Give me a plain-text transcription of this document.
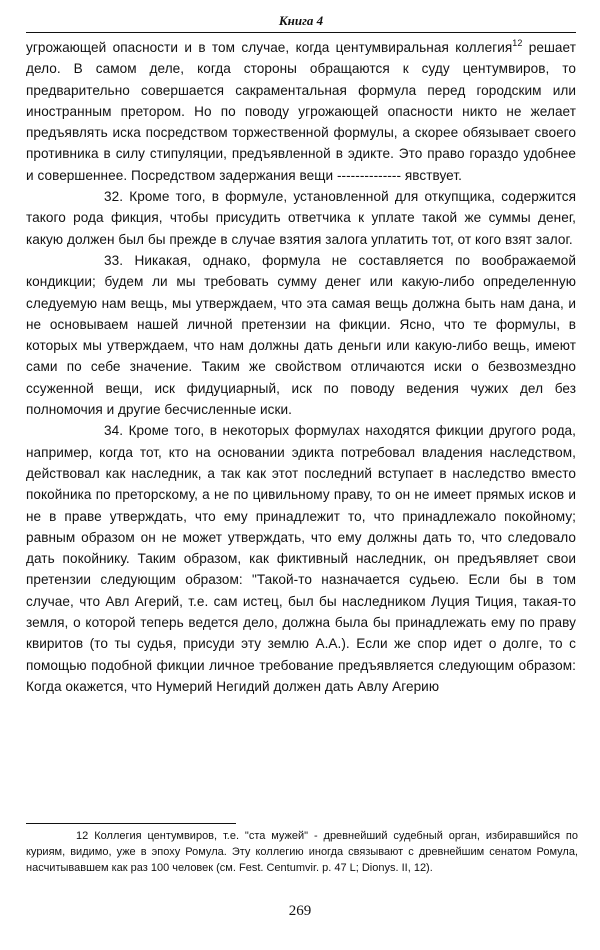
Книга 4

угрожающей опасности и в том случае, когда центумвиральная коллегия$^{12}$ решает дело. В самом деле, когда стороны обращаются к суду центумвиров, то предварительно совершается сакраментальная формула перед городским или иностранным претором. Но по поводу угрожающей опасности никто не желает предъявлять иска посредством торжественной формулы, а скорее обязывает своего противника в силу стипуляции, предъявленной в эдикте. Это право гораздо удобнее и совершеннее. Посредством задержания вещи -------------- явствует.

32. Кроме того, в формуле, установленной для откупщика, содержится такого рода фикция, чтобы присудить ответчика к уплате такой же суммы денег, какую должен был бы прежде в случае взятия залога уплатить тот, от кого взят залог.

33. Никакая, однако, формула не составляется по воображаемой кондикции; будем ли мы требовать сумму денег или какую-либо определенную следуемую нам вещь, мы утверждаем, что эта самая вещь должна быть нам дана, и не основываем нашей личной претензии на фикции. Ясно, что те формулы, в которых мы утверждаем, что нам должны дать деньги или какую-либо вещь, имеют сами по себе значение. Таким же свойством отличаются иски о безвозмездно ссуженной вещи, иск фидуциарный, иск по поводу ведения чужих дел без полномочия и другие бесчисленные иски.

34. Кроме того, в некоторых формулах находятся фикции другого рода, например, когда тот, кто на основании эдикта потребовал владения наследством, действовал как наследник, а так как этот последний вступает в наследство вместо покойника по преторскому, а не по цивильному праву, то он не имеет прямых исков и не в праве утверждать, что ему принадлежит то, что принадлежало покойному; равным образом он не может утверждать, что ему должны дать то, что следовало дать покойнику. Таким образом, как фиктивный наследник, он предъявляет свои претензии следующим образом: "Такой-то назначается судьею. Если бы в том случае, что Авл Агерий, т.е. сам истец, был бы наследником Луция Тиция, такая-то земля, о которой теперь ведется дело, должна была бы принадлежать ему по праву квиритов (то ты судья, присуди эту землю А.А.). Если же спор идет о долге, то с помощью подобной фикции личное требование предъявляется следующим образом: Когда окажется, что Нумерий Негидий должен дать Авлу Агерию

12 Коллегия центумвиров, т.е. "ста мужей" - древнейший судебный орган, избиравшийся по куриям, видимо, уже в эпоху Ромула. Эту коллегию иногда связывают с древнейшим сенатом Ромула, насчитывавшем как раз 100 человек (см. Fest. Centumvir. p. 47 L; Dionys. II, 12).
269
